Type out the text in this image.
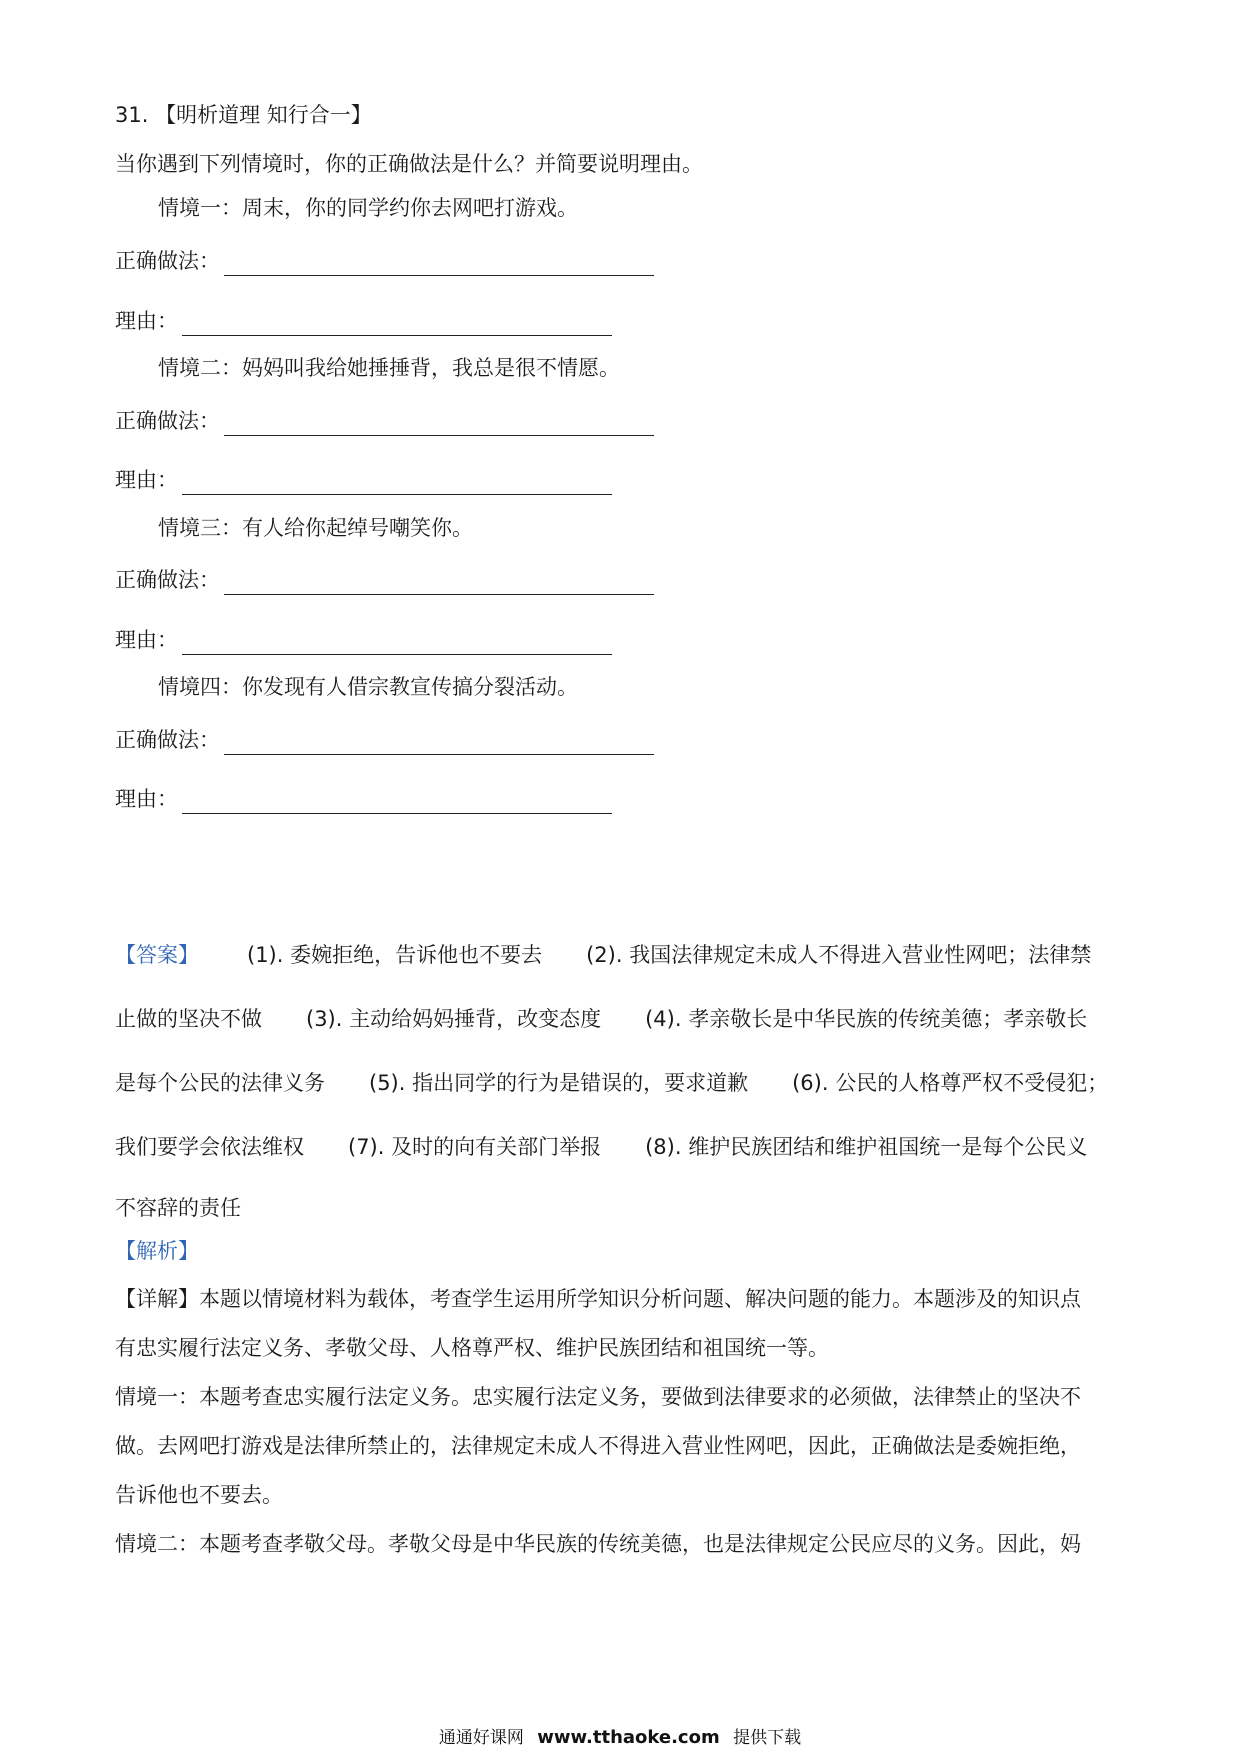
31. 【明析道理 知行合一】
当你遇到下列情境时，你的正确做法是什么？并简要说明理由。
情境一：周末，你的同学约你去网吧打游戏。
正确做法：
理由：
情境二：妈妈叫我给她捶捶背，我总是很不情愿。
正确做法：
理由：
情境三：有人给你起绰号嘲笑你。
正确做法：
理由：
情境四：你发现有人借宗教宣传搞分裂活动。
正确做法：
理由：
【答案】 (1). 委婉拒绝，告诉他也不要去 (2). 我国法律规定未成人不得进入营业性网吧；法律禁
止做的坚决不做 (3). 主动给妈妈捶背，改变态度 (4). 孝亲敬长是中华民族的传统美德；孝亲敬长
是每个公民的法律义务 (5). 指出同学的行为是错误的，要求道歉 (6). 公民的人格尊严权不受侵犯；
我们要学会依法维权 (7). 及时的向有关部门举报 (8). 维护民族团结和维护祖国统一是每个公民义
不容辞的责任
【解析】
【详解】本题以情境材料为载体，考查学生运用所学知识分析问题、解决问题的能力。本题涉及的知识点
有忠实履行法定义务、孝敬父母、人格尊严权、维护民族团结和祖国统一等。
情境一：本题考查忠实履行法定义务。忠实履行法定义务，要做到法律要求的必须做，法律禁止的坚决不
做。去网吧打游戏是法律所禁止的，法律规定未成人不得进入营业性网吧，因此，正确做法是委婉拒绝，
告诉他也不要去。
情境二：本题考查孝敬父母。孝敬父母是中华民族的传统美德，也是法律规定公民应尽的义务。因此，妈
通通好课网 www.tthaoke.com 提供下载
